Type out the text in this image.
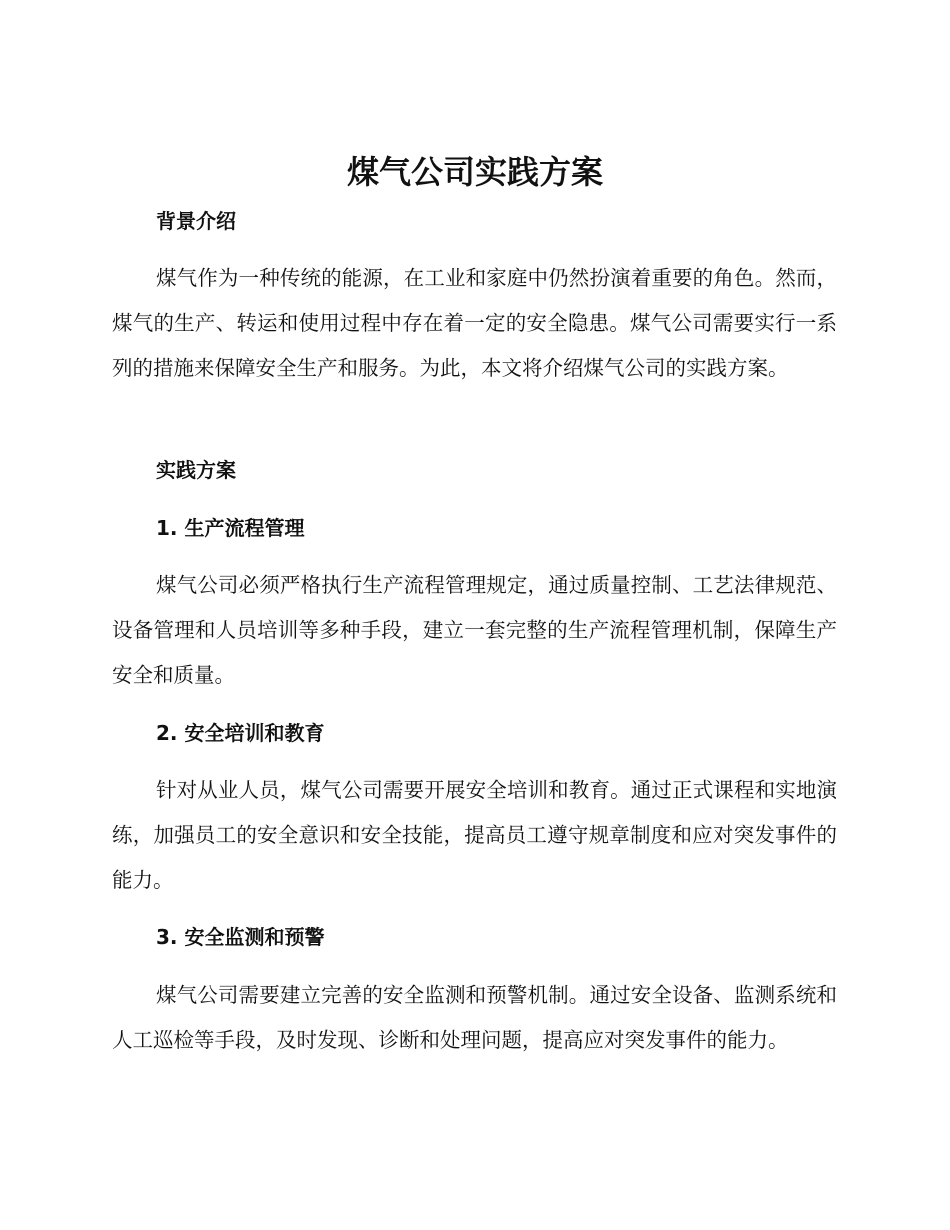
煤气公司实践方案
背景介绍

煤气作为一种传统的能源，在工业和家庭中仍然扮演着重要的角色。然而，煤气的生产、转运和使用过程中存在着一定的安全隐患。煤气公司需要实行一系列的措施来保障安全生产和服务。为此，本文将介绍煤气公司的实践方案。

实践方案
1. 生产流程管理

煤气公司必须严格执行生产流程管理规定，通过质量控制、工艺法律规范、设备管理和人员培训等多种手段，建立一套完整的生产流程管理机制，保障生产安全和质量。

2. 安全培训和教育

针对从业人员，煤气公司需要开展安全培训和教育。通过正式课程和实地演练，加强员工的安全意识和安全技能，提高员工遵守规章制度和应对突发事件的能力。

3. 安全监测和预警

煤气公司需要建立完善的安全监测和预警机制。通过安全设备、监测系统和人工巡检等手段，及时发现、诊断和处理问题，提高应对突发事件的能力。
